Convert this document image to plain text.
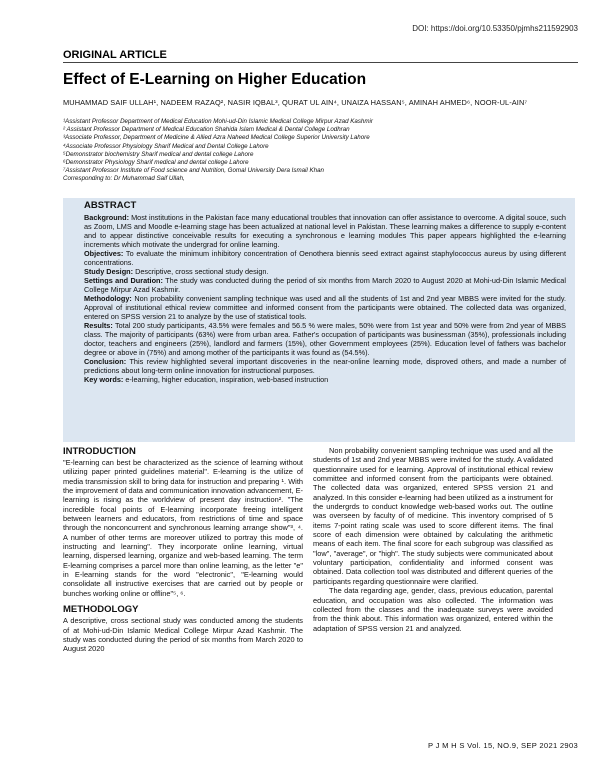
DOI: https://doi.org/10.53350/pjmhs211592903
ORIGINAL ARTICLE
Effect of E-Learning on Higher Education
MUHAMMAD SAIF ULLAH¹, NADEEM RAZAQ², NASIR IQBAL³, QURAT UL AIN⁴, UNAIZA HASSAN⁵, AMINAH AHMED⁶, NOOR-UL-AIN⁷
¹Assistant Professor Department of Medical Education Mohi-ud-Din Islamic Medical College Mirpur Azad Kashmir
² Assistant Professor Department of Medical Education Shahida Islam Medical & Dental College Lodhran
³Associate Professor, Department of Medicine & Allied Azra Naheed Medical College Superior University Lahore
⁴Associate Professor Physiology Sharif Medical and Dental College Lahore
⁵Demonstrator biochemistry Sharif medical and dental college Lahore
⁶Demonstrator Physiology Sharif medical and dental college Lahore
⁷Assistant Professor Institute of Food science and Nutrition, Gomal University Dera Ismail Khan
Corresponding to: Dr Muhammad Saif Ullah,
ABSTRACT

Background: Most institutions in the Pakistan face many educational troubles that innovation can offer assistance to overcome. A digital souce, such as Zoom, LMS and Moodle e-learning stage has been actualized at national level in Pakistan. These learning makes a difference to supply e-content and to appear distinctive conceivable results for executing a synchronous e learning modules This paper appears highlighted the e-learning increments which motivate the undergrad for online learning.

Objectives: To evaluate the minimum inhibitory concentration of Oenothera biennis seed extract against staphylococcus aureus by using different concentrations.

Study Design: Descriptive, cross sectional study design.

Settings and Duration: The study was conducted during the period of six months from March 2020 to August 2020 at Mohi-ud-Din Islamic Medical College Mirpur Azad Kashmir.

Methodology: Non probability convenient sampling technique was used and all the students of 1st and 2nd year MBBS were invited for the study. Approval of institutional ethical review committee and informed consent from the participants were obtained. The collected data was organized, entered on SPSS version 21 to analyze by the use of statistical tools.

Results: Total 200 study participants, 43.5% were females and 56.5 % were males, 50% were from 1st year and 50% were from 2nd year of MBBS class. The majority of participants (63%) were from urban area. Father's occupation of participants was businessman (35%), professionals including doctor, teachers and engineers (25%), landlord and farmers (15%), other Government employees (25%). Education level of fathers was bachelor degree or above in (75%) and among mother of the participants it was found as (54.5%).

Conclusion: This review highlighted several important discoveries in the near-online learning mode, disproved others, and made a number of predictions about long-term online innovation for instructional purposes.

Key words: e-learning, higher education, inspiration, web-based instruction

INTRODUCTION

"E-learning can best be characterized as the science of learning without utilizing paper printed guidelines material". E-learning is the utilize of media transmission skill to bring data for instruction and preparing ¹. With the improvement of data and communication innovation advancement, E-learning is rising as the worldview of present day instruction². "The incredible focal points of E-learning incorporate freeing intelligent between learners and educators, from restrictions of time and space through the nonconcurrent and synchronous learning arrange show"³, ⁴. A number of other terms are moreover utilized to portray this mode of instructing and learning". They incorporate online learning, virtual learning, dispersed learning, organize and web-based learning. The term E-learning comprises a parcel more than online learning, as the letter "e" in E-learning stands for the word "electronic", "E-learning would consolidate all instructive exercises that are carried out by people or bunches working online or offline"⁵, ⁶.

METHODOLOGY

A descriptive, cross sectional study was conducted among the students of at Mohi-ud-Din Islamic Medical College Mirpur Azad Kashmir. The study was conducted during the period of six months from March 2020 to August 2020

Non probability convenient sampling technique was used and all the students of 1st and 2nd year MBBS were invited for the study. A validated questionnaire used for e learning. Approval of institutional ethical review committee and informed consent from the participants were obtained. The collected data was organized, entered SPSS version 21 and analyzed. In this consider e-learning had been utilized as a instrument for the undergrds to conduct knowledge web-based works out. The outline was overseen by faculty of of medicine. This inventory comprised of 5 items 7-point rating scale was used to score different items. The final score of each dimension were obtained by calculating the arithmetic means of each item. The final score for each subgroup was classified as "low", "average", or "high". The study subjects were communicated about voluntary participation, confidentiality and informed consent was obtained. Data collection tool was distributed and different queries of the participants regarding questionnaire were clarified.

The data regarding age, gender, class, previous education, parental education, and occupation was also collected. The information was collected from the classes and the inadequate surveys were avoided from the think about. This information was organized, entered within the adaptation of SPSS version 21 and analyzed.

P J M H S Vol. 15, NO.9, SEP 2021 2903
